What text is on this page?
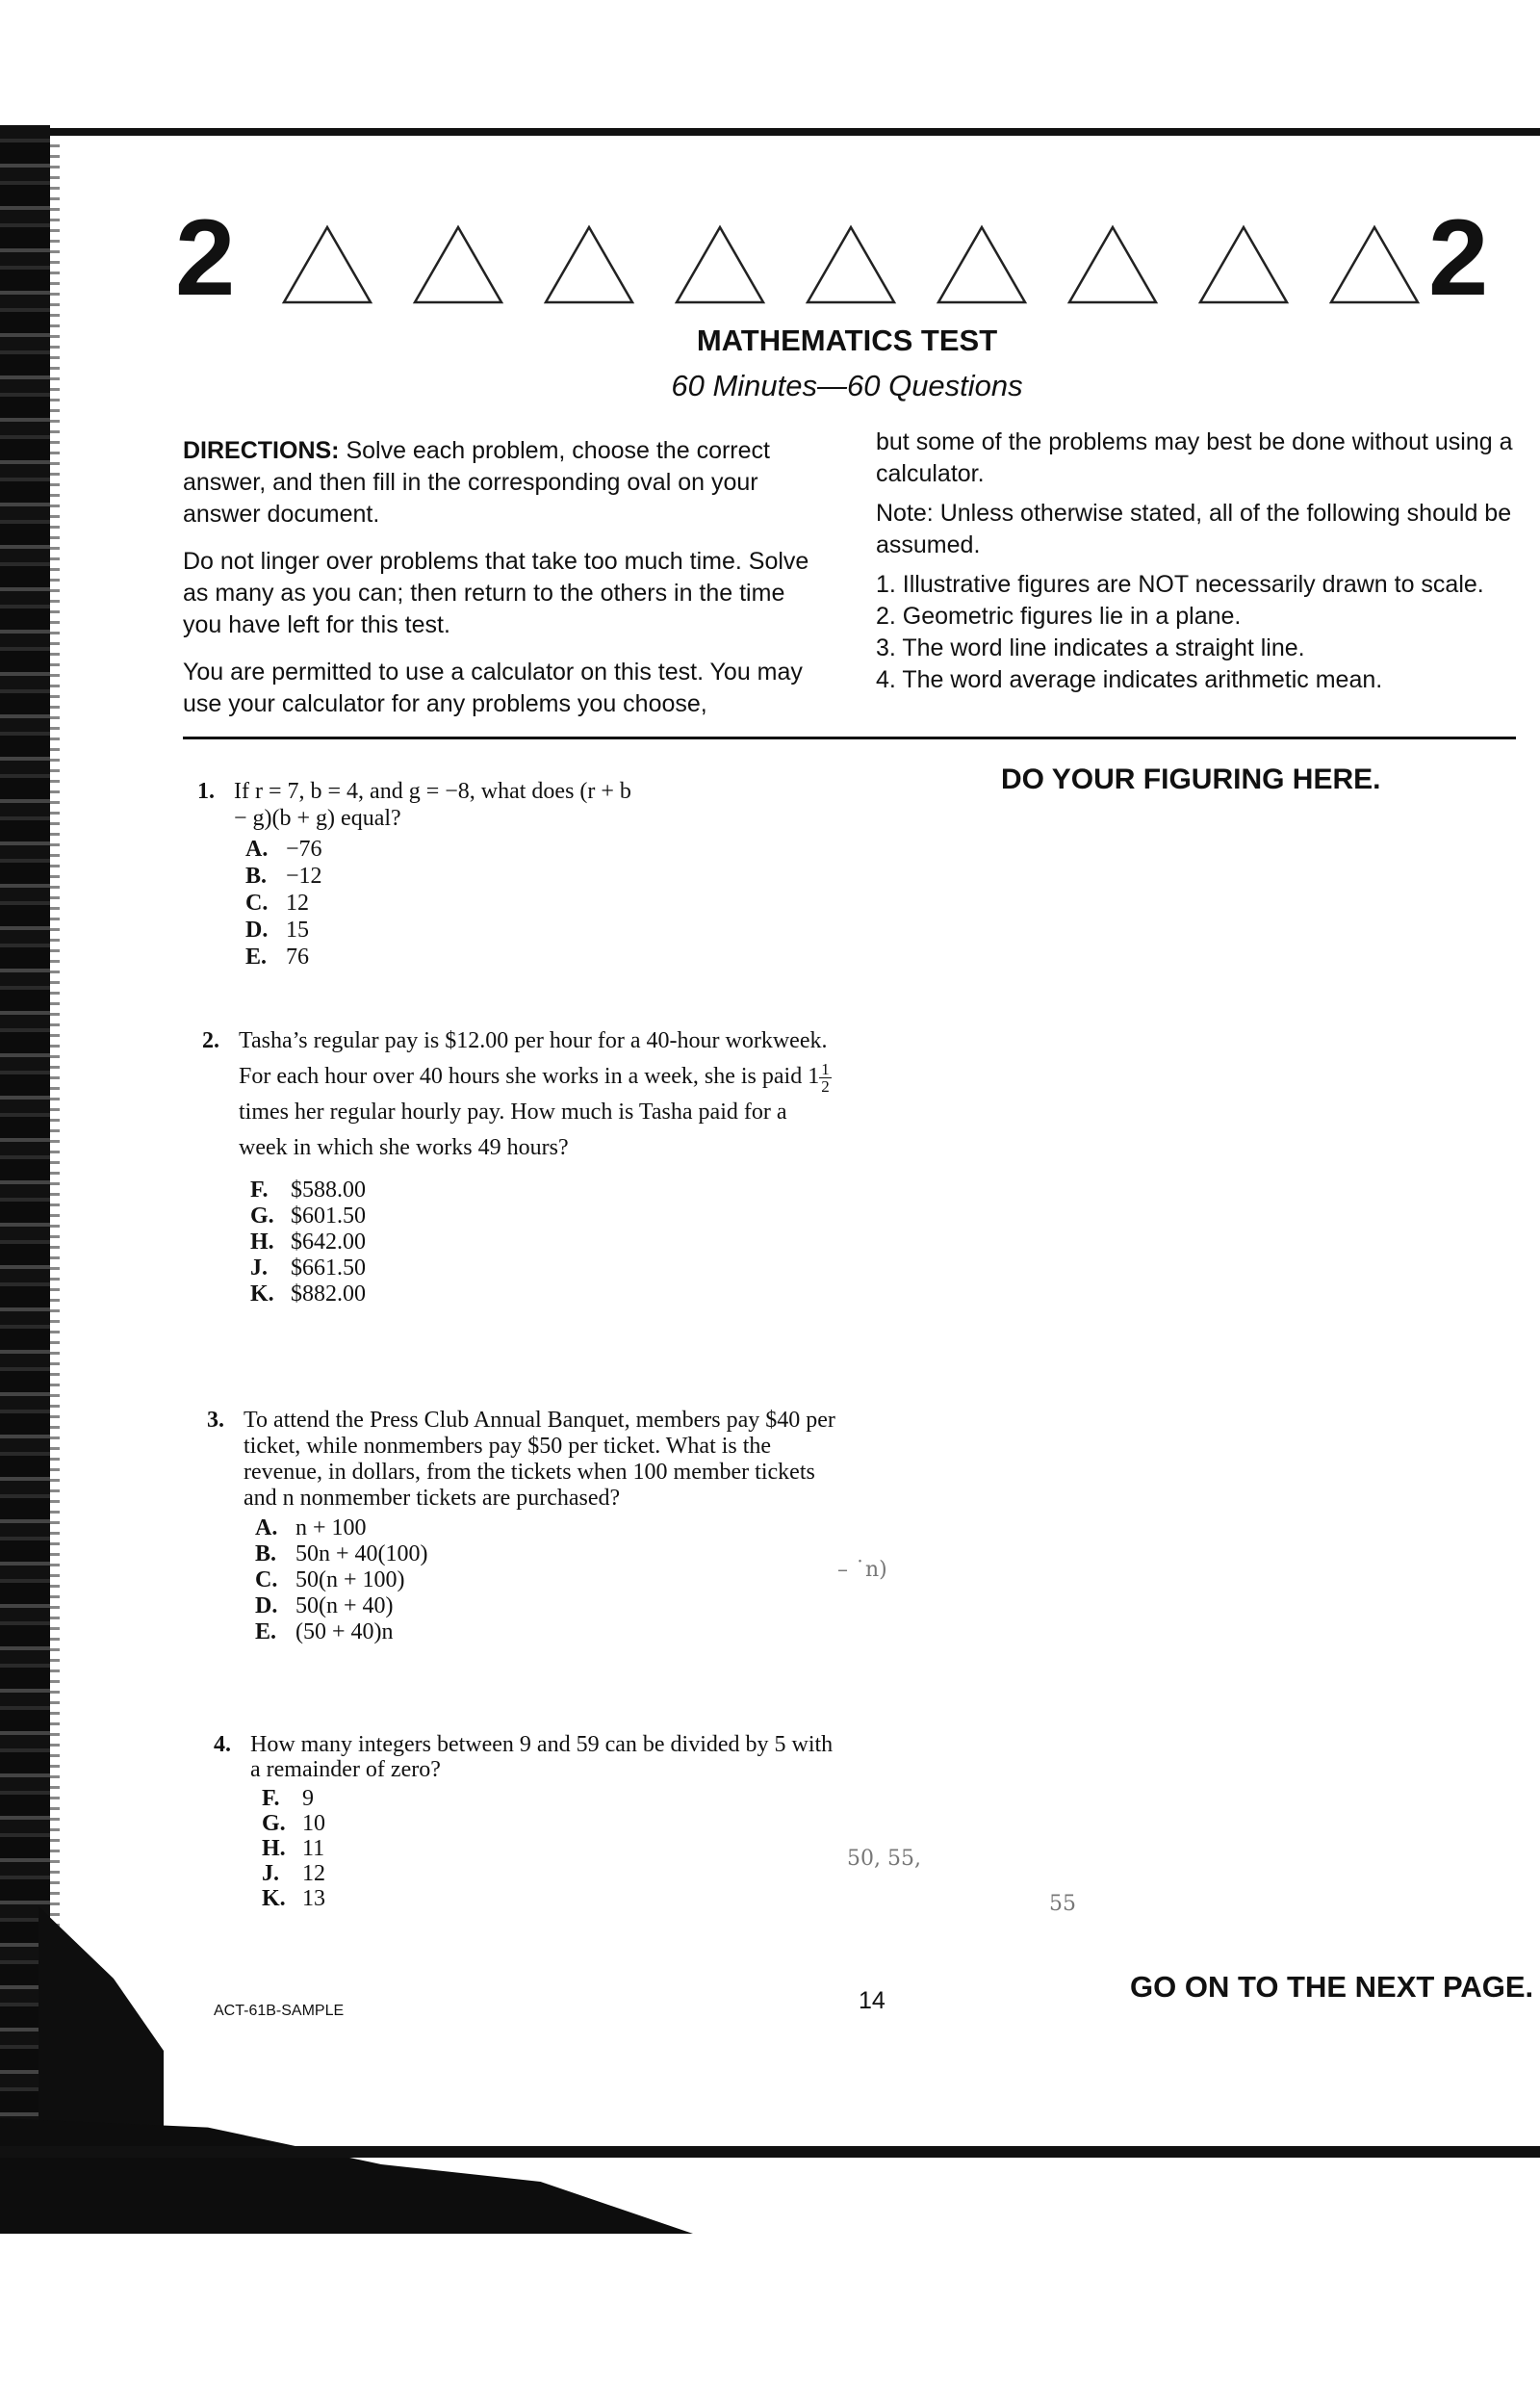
2	2
MATHEMATICS TEST
60 Minutes—60 Questions

DIRECTIONS: Solve each problem, choose the correct answer, and then fill in the corresponding oval on your answer document.

Do not linger over problems that take too much time. Solve as many as you can; then return to the others in the time you have left for this test.

You are permitted to use a calculator on this test. You may use your calculator for any problems you choose,

but some of the problems may best be done without using a calculator.

Note: Unless otherwise stated, all of the following should be assumed.

1. Illustrative figures are NOT necessarily drawn to scale.
2. Geometric figures lie in a plane.
3. The word line indicates a straight line.
4. The word average indicates arithmetic mean.
DO YOUR FIGURING HERE.
1. If r = 7, b = 4, and g = −8, what does (r + b − g)(b + g) equal?
A. −76
B. −12
C. 12
D. 15
E. 76
2. Tasha’s regular pay is $12.00 per hour for a 40-hour workweek. For each hour over 40 hours she works in a week, she is paid $1 \frac{1}{2}$
times her regular hourly pay. How much is Tasha paid for a week in which she works 49 hours?
F. $588.00
G. $601.50
H. $642.00
J.	$661.50
K. $882.00
3. To attend the Press Club Annual Banquet, members pay $40 per ticket, while nonmembers pay $50 per ticket. What is the revenue, in dollars, from the tickets when 100 member tickets and n nonmember tickets are purchased?
A. n + 100
B. 50n + 40(100)
C. 50(n + 100)
D. 50(n + 40)
E. (50 + 40)n
4. How many integers between 9 and 59 can be divided by 5 with a remainder of zero?
F. 9
G. 10
H. 11
J.	12
K. 13
– ˙n)
50, 55,
55
ACT-61B-SAMPLE	14	GO ON TO THE NEXT PAGE.
